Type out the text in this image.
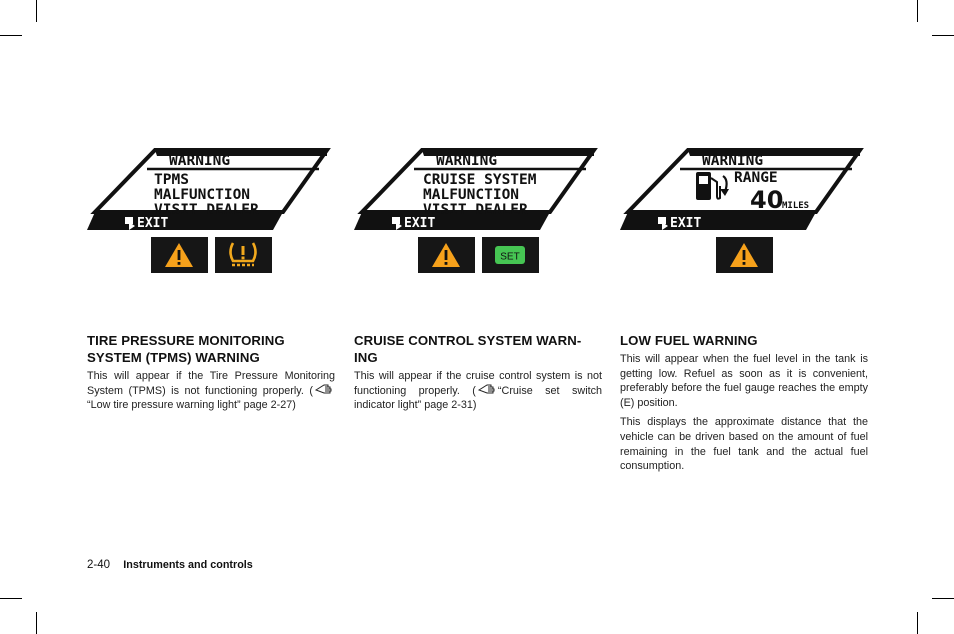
WARNING
TPMS
MALFUNCTION
VISIT DEALER
EXIT
WARNING
CRUISE SYSTEM
MALFUNCTION
VISIT DEALER
EXIT
SET
WARNING
RANGE
40
MILES
EXIT
TIRE PRESSURE MONITORING SYSTEM (TPMS) WARNING

This will appear if the Tire Pressure Monitoring System (TPMS) is not functioning properly. (“Low tire pressure warning light” page 2-27)

CRUISE CONTROL SYSTEM WARN-ING

This will appear if the cruise control system is not functioning properly. ( “Cruise set switch indicator light” page 2-31)

LOW FUEL WARNING

This will appear when the fuel level in the tank is getting low. Refuel as soon as it is convenient, preferably before the fuel gauge reaches the empty (E) position.

This displays the approximate distance that the vehicle can be driven based on the amount of fuel remaining in the fuel tank and the actual fuel consumption.

2-40 Instruments and controls
